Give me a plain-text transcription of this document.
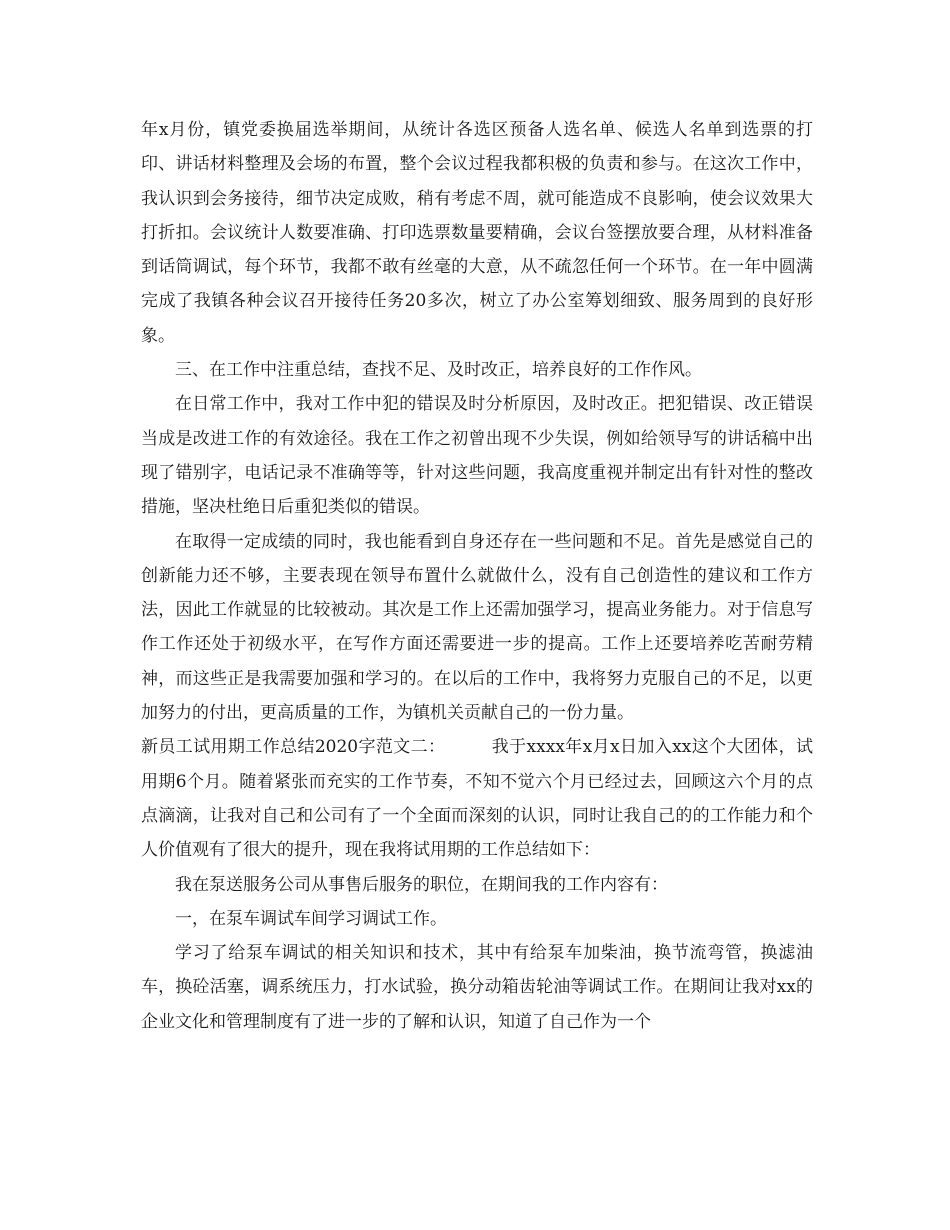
年x月份，镇党委换届选举期间，从统计各选区预备人选名单、候选人名单到选票的打印、讲话材料整理及会场的布置，整个会议过程我都积极的负责和参与。在这次工作中，我认识到会务接待，细节决定成败，稍有考虑不周，就可能造成不良影响，使会议效果大打折扣。会议统计人数要准确、打印选票数量要精确，会议台签摆放要合理，从材料准备到话筒调试，每个环节，我都不敢有丝毫的大意，从不疏忽任何一个环节。在一年中圆满完成了我镇各种会议召开接待任务20多次，树立了办公室筹划细致、服务周到的良好形象。

三、在工作中注重总结，查找不足、及时改正，培养良好的工作作风。

在日常工作中，我对工作中犯的错误及时分析原因，及时改正。把犯错误、改正错误当成是改进工作的有效途径。我在工作之初曾出现不少失误，例如给领导写的讲话稿中出现了错别字，电话记录不准确等等，针对这些问题，我高度重视并制定出有针对性的整改措施，坚决杜绝日后重犯类似的错误。

在取得一定成绩的同时，我也能看到自身还存在一些问题和不足。首先是感觉自己的创新能力还不够，主要表现在领导布置什么就做什么，没有自己创造性的建议和工作方法，因此工作就显的比较被动。其次是工作上还需加强学习，提高业务能力。对于信息写作工作还处于初级水平，在写作方面还需要进一步的提高。工作上还要培养吃苦耐劳精神，而这些正是我需要加强和学习的。在以后的工作中，我将努力克服自己的不足，以更加努力的付出，更高质量的工作，为镇机关贡献自己的一份力量。

新员工试用期工作总结2020字范文二：	我于xxxx年x月x日加入xx这个大团体，试用期6个月。随着紧张而充实的工作节奏，不知不觉六个月已经过去，回顾这六个月的点点滴滴，让我对自己和公司有了一个全面而深刻的认识，同时让我自己的的工作能力和个人价值观有了很大的提升，现在我将试用期的工作总结如下：

我在泵送服务公司从事售后服务的职位，在期间我的工作内容有：

一，在泵车调试车间学习调试工作。

学习了给泵车调试的相关知识和技术，其中有给泵车加柴油，换节流弯管，换滤油车，换砼活塞，调系统压力，打水试验，换分动箱齿轮油等调试工作。在期间让我对xx的企业文化和管理制度有了进一步的了解和认识，知道了自己作为一个
